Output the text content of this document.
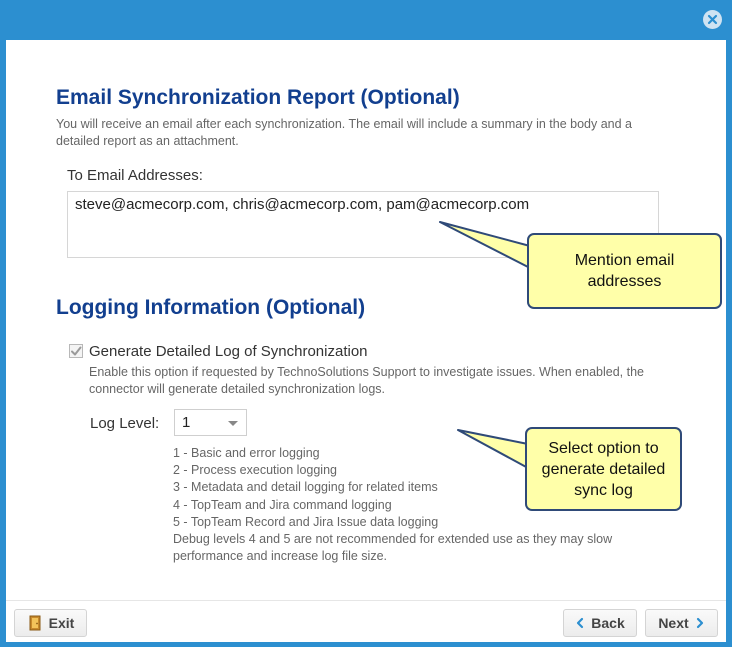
Email Synchronization Report (Optional)
You will receive an email after each synchronization. The email will include a summary in the body and a detailed report as an attachment.
To Email Addresses:
steve@acmecorp.com, chris@acmecorp.com, pam@acmecorp.com
Logging Information (Optional)
Generate Detailed Log of Synchronization
Enable this option if requested by TechnoSolutions Support to investigate issues. When enabled, the connector will generate detailed synchronization logs.
Log Level:	1
1 - Basic and error logging
2 - Process execution logging
3 - Metadata and detail logging for related items
4 - TopTeam and Jira command logging
5 - TopTeam Record and Jira Issue data logging
Debug levels 4 and 5 are not recommended for extended use as they may slow
performance and increase log file size.
Mention email
addresses
Select option to
generate detailed
sync log
Exit	Back Next
